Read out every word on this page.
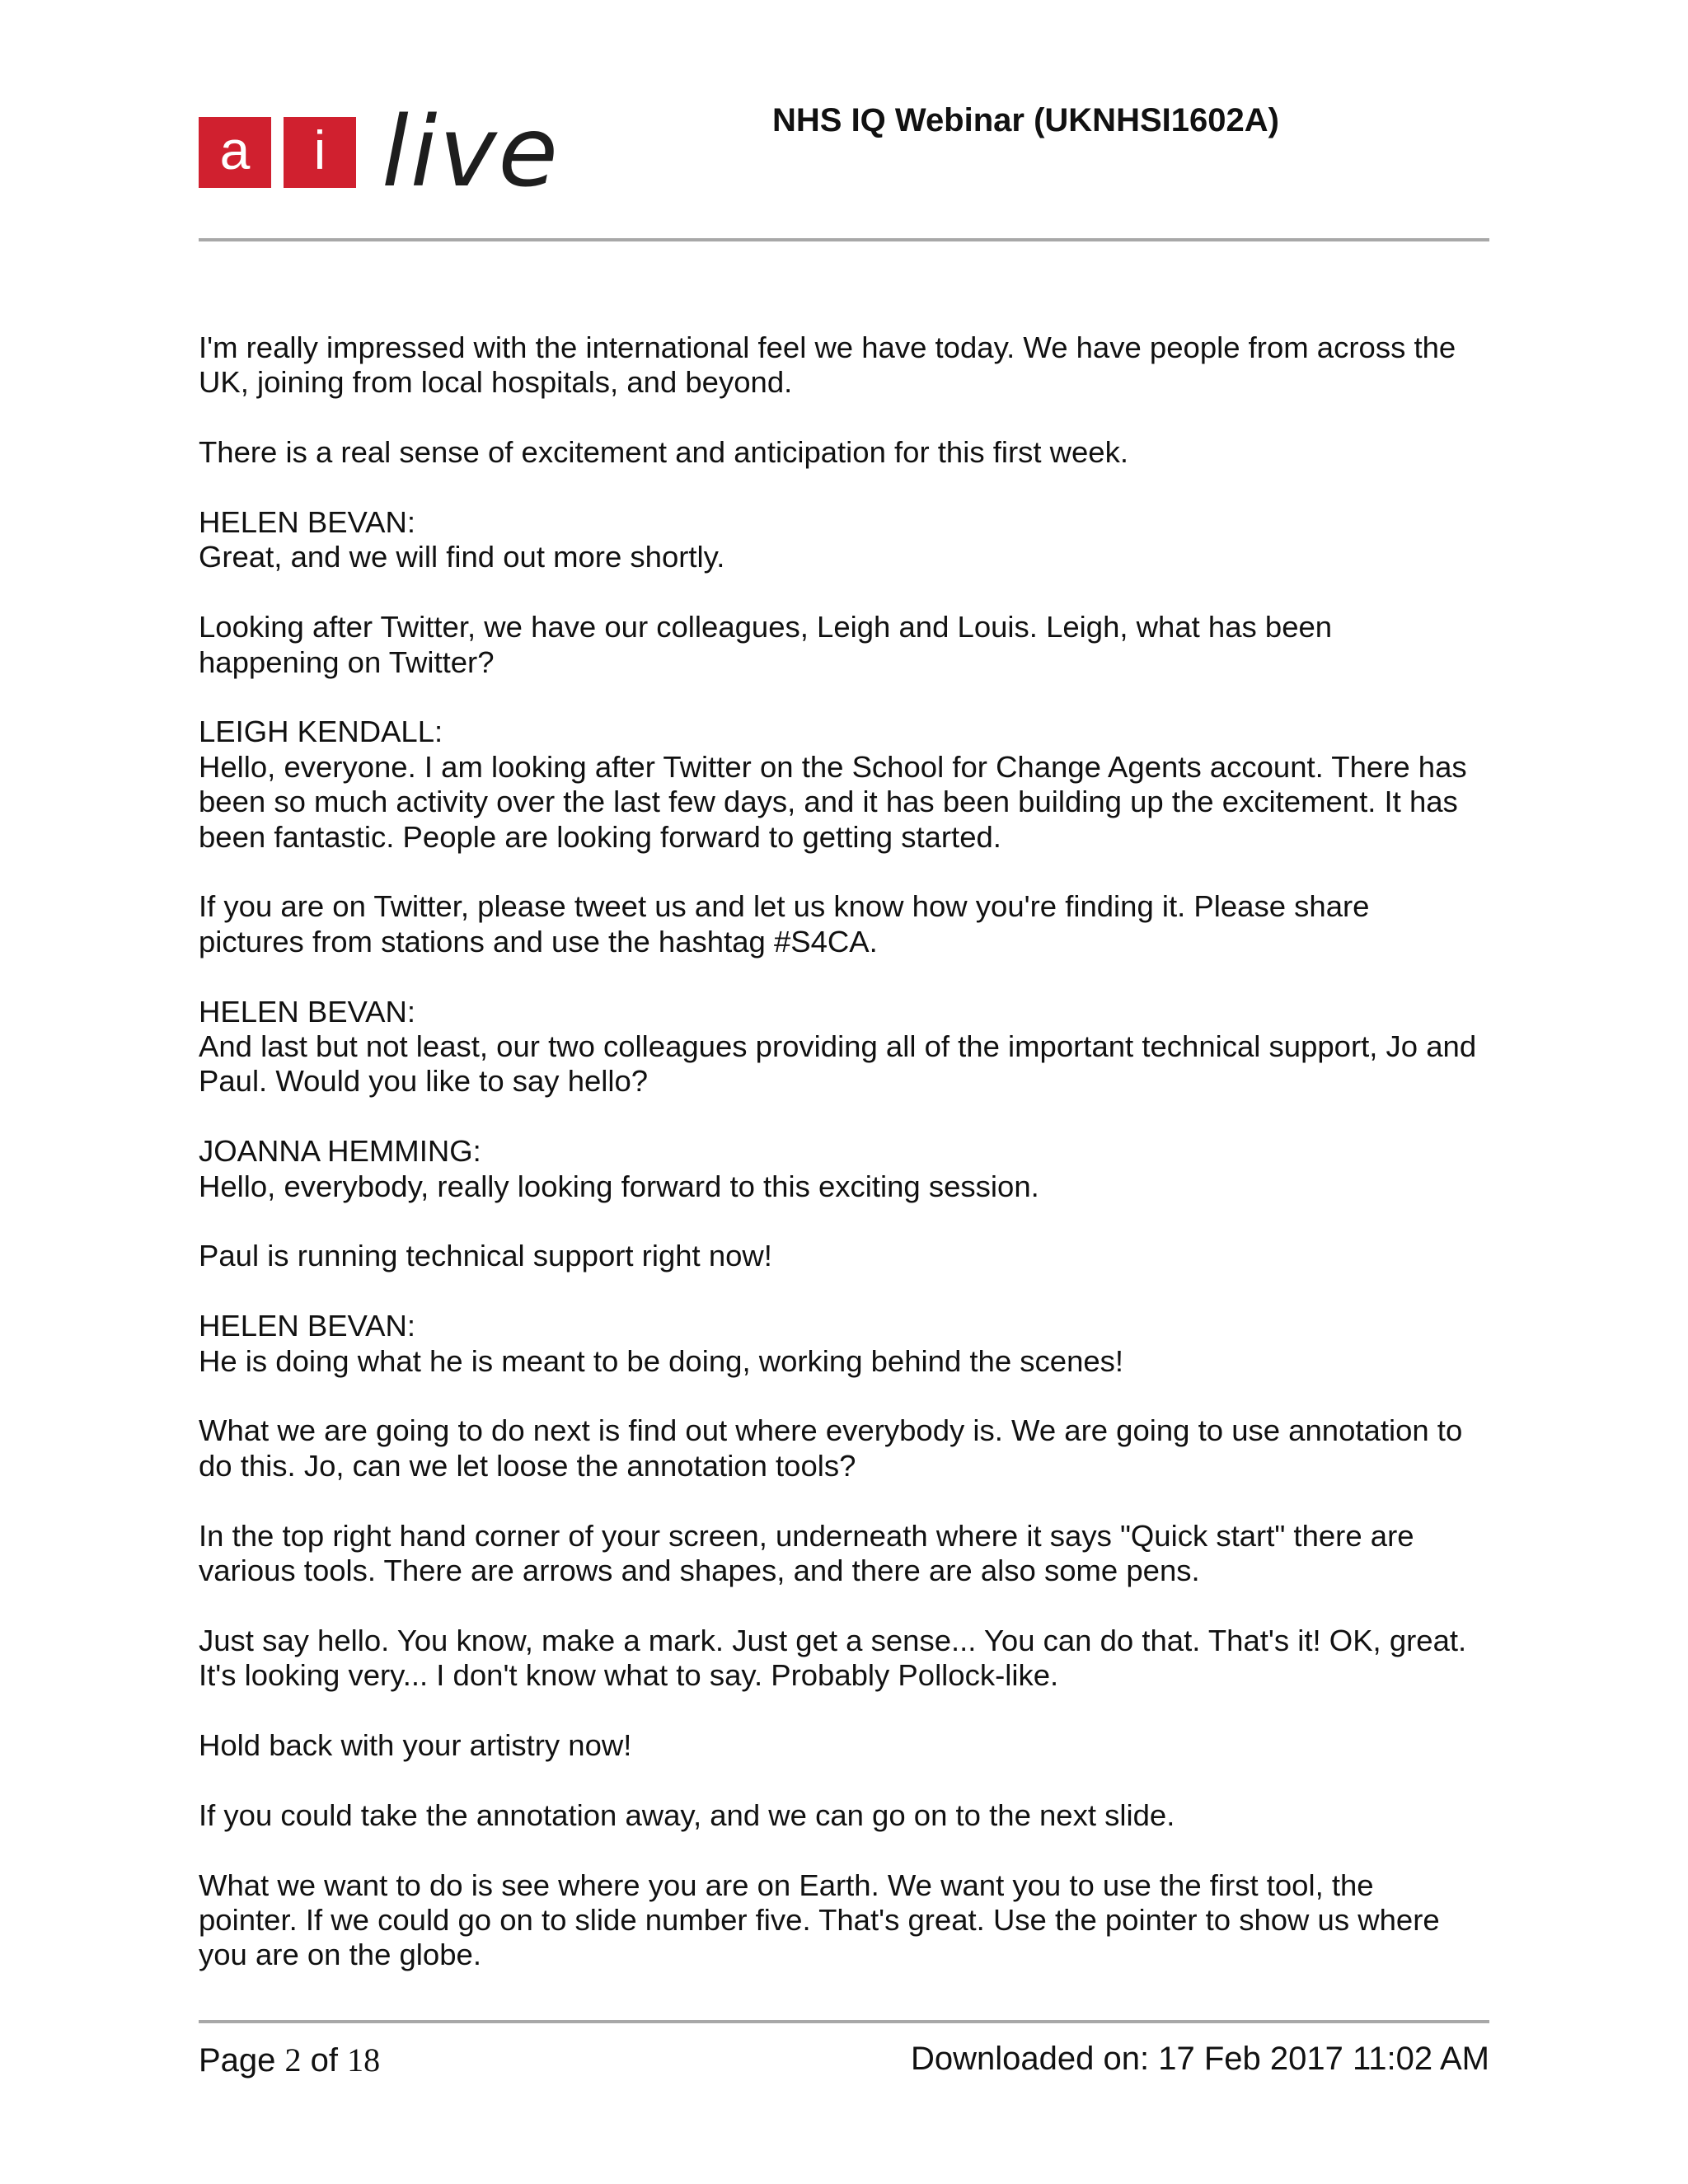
a	i live	NHS IQ Webinar (UKNHSI1602A)
I'm really impressed with the international feel we have today. We have people from across the
UK, joining from local hospitals, and beyond.
There is a real sense of excitement and anticipation for this first week.
HELEN BEVAN:
Great, and we will find out more shortly.
Looking after Twitter, we have our colleagues, Leigh and Louis. Leigh, what has been
happening on Twitter?
LEIGH KENDALL:
Hello, everyone. I am looking after Twitter on the School for Change Agents account. There has
been so much activity over the last few days, and it has been building up the excitement. It has
been fantastic. People are looking forward to getting started.
If you are on Twitter, please tweet us and let us know how you're finding it. Please share
pictures from stations and use the hashtag #S4CA.
HELEN BEVAN:
And last but not least, our two colleagues providing all of the important technical support, Jo and
Paul. Would you like to say hello?
JOANNA HEMMING:
Hello, everybody, really looking forward to this exciting session.
Paul is running technical support right now!
HELEN BEVAN:
He is doing what he is meant to be doing, working behind the scenes!
What we are going to do next is find out where everybody is. We are going to use annotation to
do this. Jo, can we let loose the annotation tools?
In the top right hand corner of your screen, underneath where it says "Quick start" there are
various tools. There are arrows and shapes, and there are also some pens.
Just say hello. You know, make a mark. Just get a sense... You can do that. That's it! OK, great.
It's looking very... I don't know what to say. Probably Pollock-like.
Hold back with your artistry now!
If you could take the annotation away, and we can go on to the next slide.
What we want to do is see where you are on Earth. We want you to use the first tool, the
pointer. If we could go on to slide number five. That's great. Use the pointer to show us where
you are on the globe.
Page 2 of 18	Downloaded on: 17 Feb 2017 11:02 AM
